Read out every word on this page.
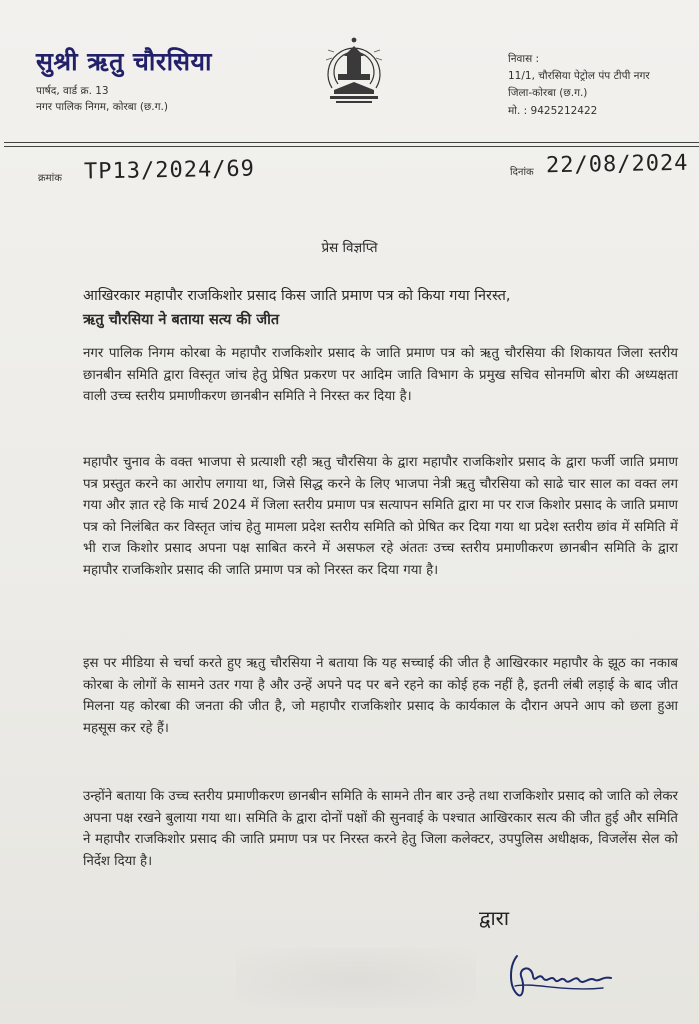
सुश्री ऋतु चौरसिया
पार्षद, वार्ड क्र. 13
नगर पालिक निगम, कोरबा (छ.ग.)
निवास :
11/1, चौरसिया पेट्रोल पंप टीपी नगर
जिला-कोरबा (छ.ग.)
मो. : 9425212422
क्रमांक TP13/2024/69	दिनांक 22/08/2024
प्रेस विज्ञप्ति
आखिरकार महापौर राजकिशोर प्रसाद किस जाति प्रमाण पत्र को किया गया निरस्त,
ऋतु चौरसिया ने बताया सत्य की जीत
नगर पालिक निगम कोरबा के महापौर राजकिशोर प्रसाद के जाति प्रमाण पत्र को ऋतु चौरसिया की शिकायत जिला स्तरीय छानबीन समिति द्वारा विस्तृत जांच हेतु प्रेषित प्रकरण पर आदिम जाति विभाग के प्रमुख सचिव सोनमणि बोरा की अध्यक्षता वाली उच्च स्तरीय प्रमाणीकरण छानबीन समिति ने निरस्त कर दिया है।
महापौर चुनाव के वक्त भाजपा से प्रत्याशी रही ऋतु चौरसिया के द्वारा महापौर राजकिशोर प्रसाद के द्वारा फर्जी जाति प्रमाण पत्र प्रस्तुत करने का आरोप लगाया था, जिसे सिद्ध करने के लिए भाजपा नेत्री ऋतु चौरसिया को साढे चार साल का वक्त लग गया और ज्ञात रहे कि मार्च 2024 में जिला स्तरीय प्रमाण पत्र सत्यापन समिति द्वारा मा पर राज किशोर प्रसाद के जाति प्रमाण पत्र को निलंबित कर विस्तृत जांच हेतु मामला प्रदेश स्तरीय समिति को प्रेषित कर दिया गया था प्रदेश स्तरीय छांव में समिति में भी राज किशोर प्रसाद अपना पक्ष साबित करने में असफल रहे अंततः उच्च स्तरीय प्रमाणीकरण छानबीन समिति के द्वारा महापौर राजकिशोर प्रसाद की जाति प्रमाण पत्र को निरस्त कर दिया गया है।
इस पर मीडिया से चर्चा करते हुए ऋतु चौरसिया ने बताया कि यह सच्चाई की जीत है आखिरकार महापौर के झूठ का नकाब कोरबा के लोगों के सामने उतर गया है और उन्हें अपने पद पर बने रहने का कोई हक नहीं है, इतनी लंबी लड़ाई के बाद जीत मिलना यह कोरबा की जनता की जीत है, जो महापौर राजकिशोर प्रसाद के कार्यकाल के दौरान अपने आप को छला हुआ महसूस कर रहे हैं।
उन्होंने बताया कि उच्च स्तरीय प्रमाणीकरण छानबीन समिति के सामने तीन बार उन्हे तथा राजकिशोर प्रसाद को जाति को लेकर अपना पक्ष रखने बुलाया गया था। समिति के द्वारा दोनों पक्षों की सुनवाई के पश्चात आखिरकार सत्य की जीत हुई और समिति ने महापौर राजकिशोर प्रसाद की जाति प्रमाण पत्र पर निरस्त करने हेतु जिला कलेक्टर, उपपुलिस अधीक्षक, विजलेंस सेल को निर्देश दिया है।
द्वारा
